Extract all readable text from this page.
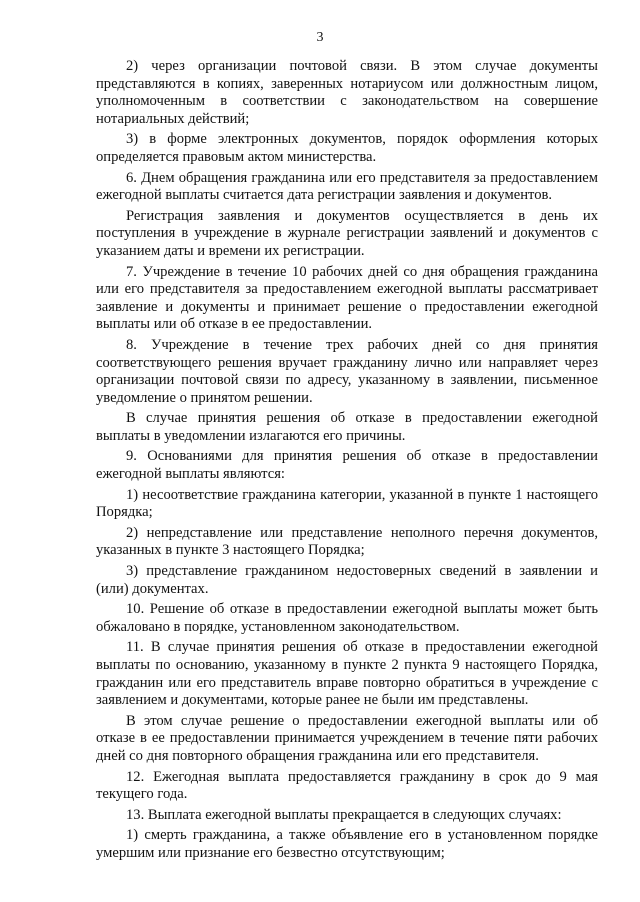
3

2) через организации почтовой связи. В этом случае документы представляются в копиях, заверенных нотариусом или должностным лицом, уполномоченным в соответствии с законодательством на совершение нотариальных действий;

3) в форме электронных документов, порядок оформления которых определяется правовым актом министерства.

6. Днем обращения гражданина или его представителя за предоставлением ежегодной выплаты считается дата регистрации заявления и документов.

Регистрация заявления и документов осуществляется в день их поступления в учреждение в журнале регистрации заявлений и документов с указанием даты и времени их регистрации.

7. Учреждение в течение 10 рабочих дней со дня обращения гражданина или его представителя за предоставлением ежегодной выплаты рассматривает заявление и документы и принимает решение о предоставлении ежегодной выплаты или об отказе в ее предоставлении.

8. Учреждение в течение трех рабочих дней со дня принятия соответствующего решения вручает гражданину лично или направляет через организации почтовой связи по адресу, указанному в заявлении, письменное уведомление о принятом решении.

В случае принятия решения об отказе в предоставлении ежегодной выплаты в уведомлении излагаются его причины.

9. Основаниями для принятия решения об отказе в предоставлении ежегодной выплаты являются:

1) несоответствие гражданина категории, указанной в пункте 1 настоящего Порядка;

2) непредставление или представление неполного перечня документов, указанных в пункте 3 настоящего Порядка;

3) представление гражданином недостоверных сведений в заявлении и (или) документах.

10. Решение об отказе в предоставлении ежегодной выплаты может быть обжаловано в порядке, установленном законодательством.

11. В случае принятия решения об отказе в предоставлении ежегодной выплаты по основанию, указанному в пункте 2 пункта 9 настоящего Порядка, гражданин или его представитель вправе повторно обратиться в учреждение с заявлением и документами, которые ранее не были им представлены.

В этом случае решение о предоставлении ежегодной выплаты или об отказе в ее предоставлении принимается учреждением в течение пяти рабочих дней со дня повторного обращения гражданина или его представителя.

12. Ежегодная выплата предоставляется гражданину в срок до 9 мая текущего года.

13. Выплата ежегодной выплаты прекращается в следующих случаях:

1) смерть гражданина, а также объявление его в установленном порядке умершим или признание его безвестно отсутствующим;
